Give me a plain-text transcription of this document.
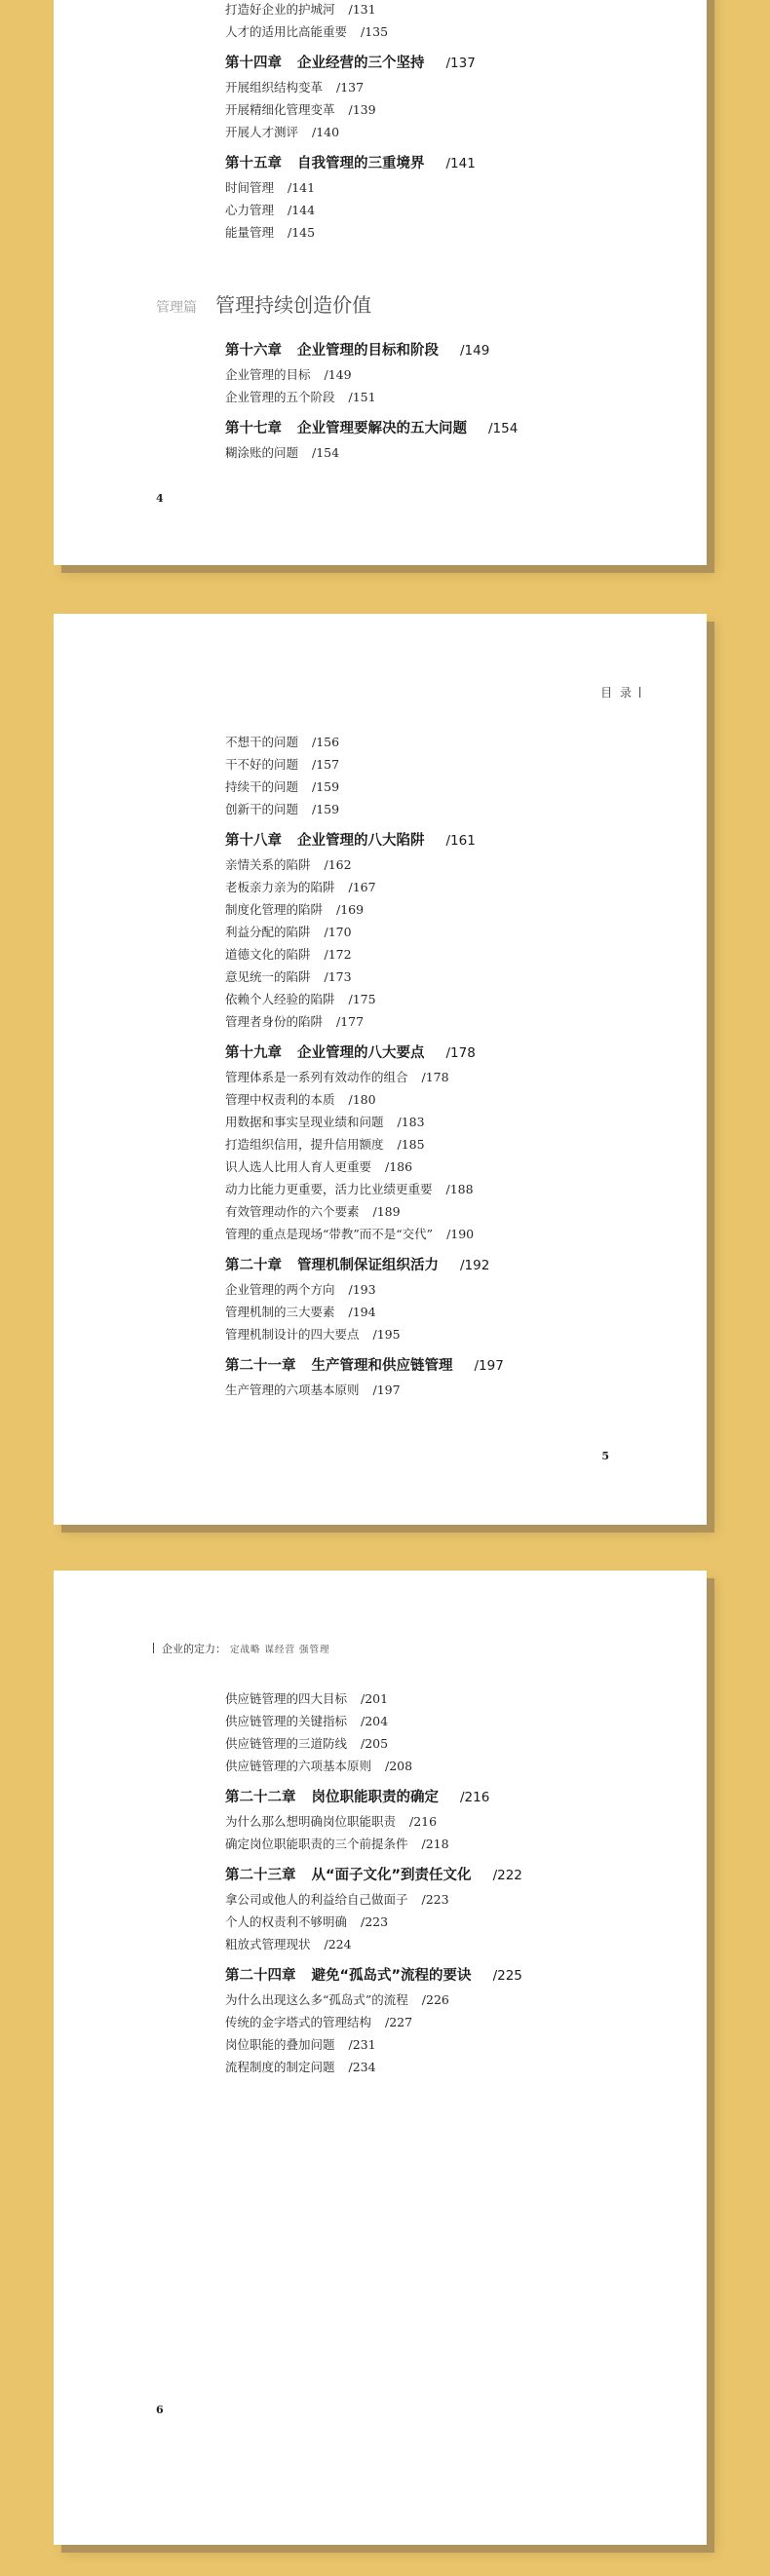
打造好企业的护城河 /131
人才的适用比高能重要 /135
第十四章 企业经营的三个坚持 /137
开展组织结构变革 /137
开展精细化管理变革 /139
开展人才测评 /140
第十五章 自我管理的三重境界 /141
时间管理 /141
心力管理 /144
能量管理 /145
管理篇 管理持续创造价值
第十六章 企业管理的目标和阶段 /149
企业管理的目标 /149
企业管理的五个阶段 /151
第十七章 企业管理要解决的五大问题 /154
糊涂账的问题 /154
4
目 录
不想干的问题 /156
干不好的问题 /157
持续干的问题 /159
创新干的问题 /159
第十八章 企业管理的八大陷阱 /161
亲情关系的陷阱 /162
老板亲力亲为的陷阱 /167
制度化管理的陷阱 /169
利益分配的陷阱 /170
道德文化的陷阱 /172
意见统一的陷阱 /173
依赖个人经验的陷阱 /175
管理者身份的陷阱 /177
第十九章 企业管理的八大要点 /178
管理体系是一系列有效动作的组合 /178
管理中权责利的本质 /180
用数据和事实呈现业绩和问题 /183
打造组织信用，提升信用额度 /185
识人选人比用人育人更重要 /186
动力比能力更重要，活力比业绩更重要 /188
有效管理动作的六个要素 /189
管理的重点是现场“带教”而不是“交代” /190
第二十章 管理机制保证组织活力 /192
企业管理的两个方向 /193
管理机制的三大要素 /194
管理机制设计的四大要点 /195
第二十一章 生产管理和供应链管理 /197
生产管理的六项基本原则 /197
5
企业的定力： 定战略 谋经营 强管理
供应链管理的四大目标 /201
供应链管理的关键指标 /204
供应链管理的三道防线 /205
供应链管理的六项基本原则 /208
第二十二章 岗位职能职责的确定 /216
为什么那么想明确岗位职能职责 /216
确定岗位职能职责的三个前提条件 /218
第二十三章 从“面子文化”到责任文化 /222
拿公司或他人的利益给自己做面子 /223
个人的权责利不够明确 /223
粗放式管理现状 /224
第二十四章 避免“孤岛式”流程的要诀 /225
为什么出现这么多“孤岛式”的流程 /226
传统的金字塔式的管理结构 /227
岗位职能的叠加问题 /231
流程制度的制定问题 /234
6
